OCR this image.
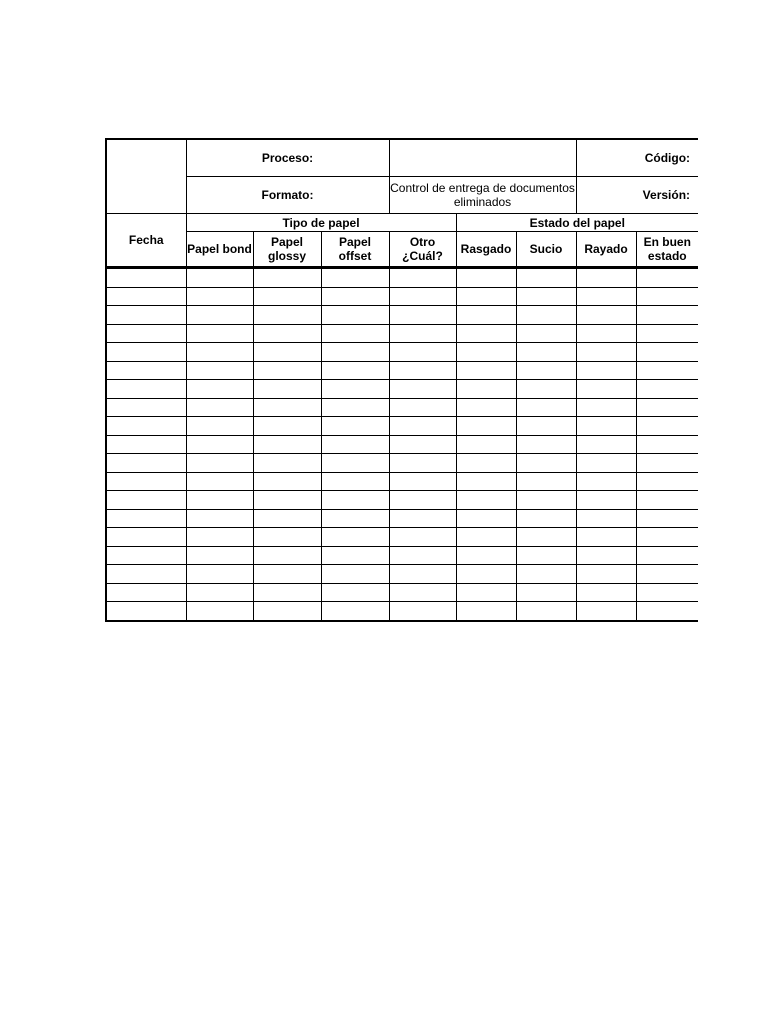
	Proceso:						Código:	
	Formato:			Control de entrega de documentos eliminados			Versión:	
Fecha	Tipo de papel				Estado del papel			
	Papel bond	Papel glossy	Papel offset	Otro ¿Cuál?	Rasgado	Sucio	Rayado	En buen estado
